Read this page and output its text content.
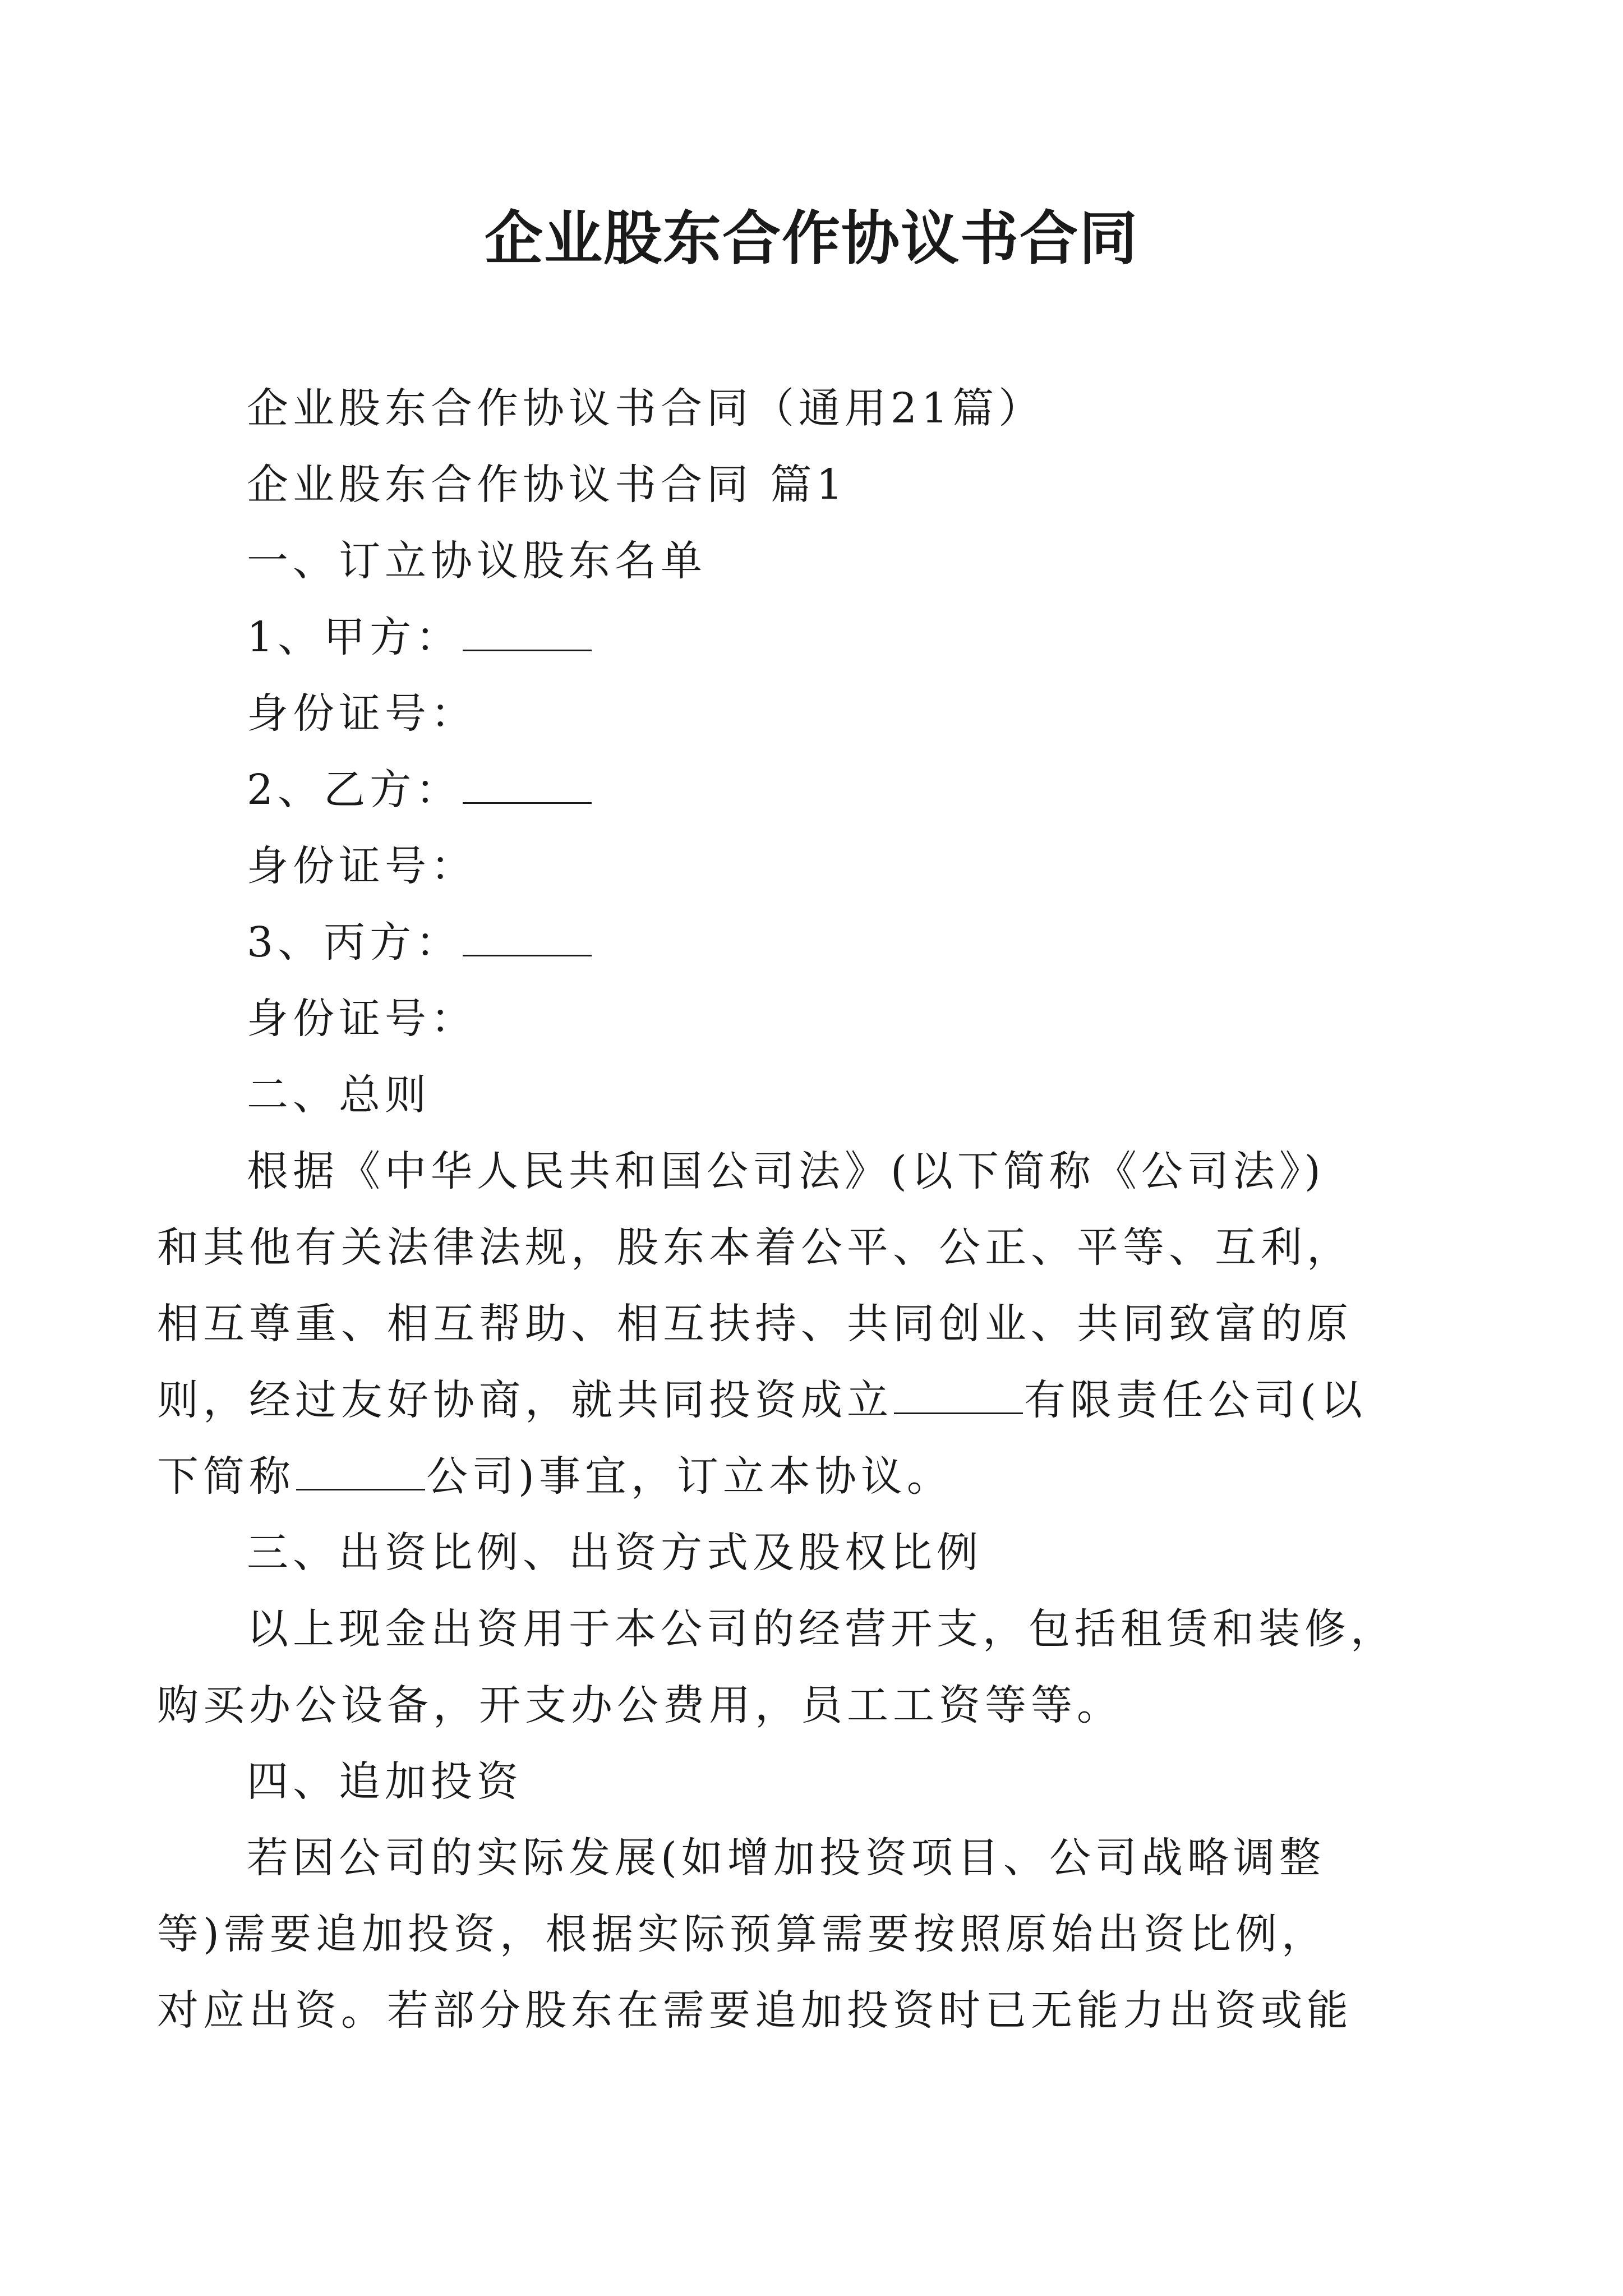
企业股东合作协议书合同
企业股东合作协议书合同（通用21篇）
企业股东合作协议书合同 篇1
一、订立协议股东名单
1、甲方：
身份证号：
2、乙方：
身份证号：
3、丙方：
身份证号：
二、总则
根据《中华人民共和国公司法》(以下简称《公司法》)
和其他有关法律法规，股东本着公平、公正、平等、互利，
相互尊重、相互帮助、相互扶持、共同创业、共同致富的原
则，经过友好协商，就共同投资成立	有限责任公司(以
下简称	公司)事宜，订立本协议。
三、出资比例、出资方式及股权比例
以上现金出资用于本公司的经营开支，包括租赁和装修，
购买办公设备，开支办公费用，员工工资等等。
四、追加投资
若因公司的实际发展(如增加投资项目、公司战略调整
等)需要追加投资，根据实际预算需要按照原始出资比例，
对应出资。若部分股东在需要追加投资时已无能力出资或能
